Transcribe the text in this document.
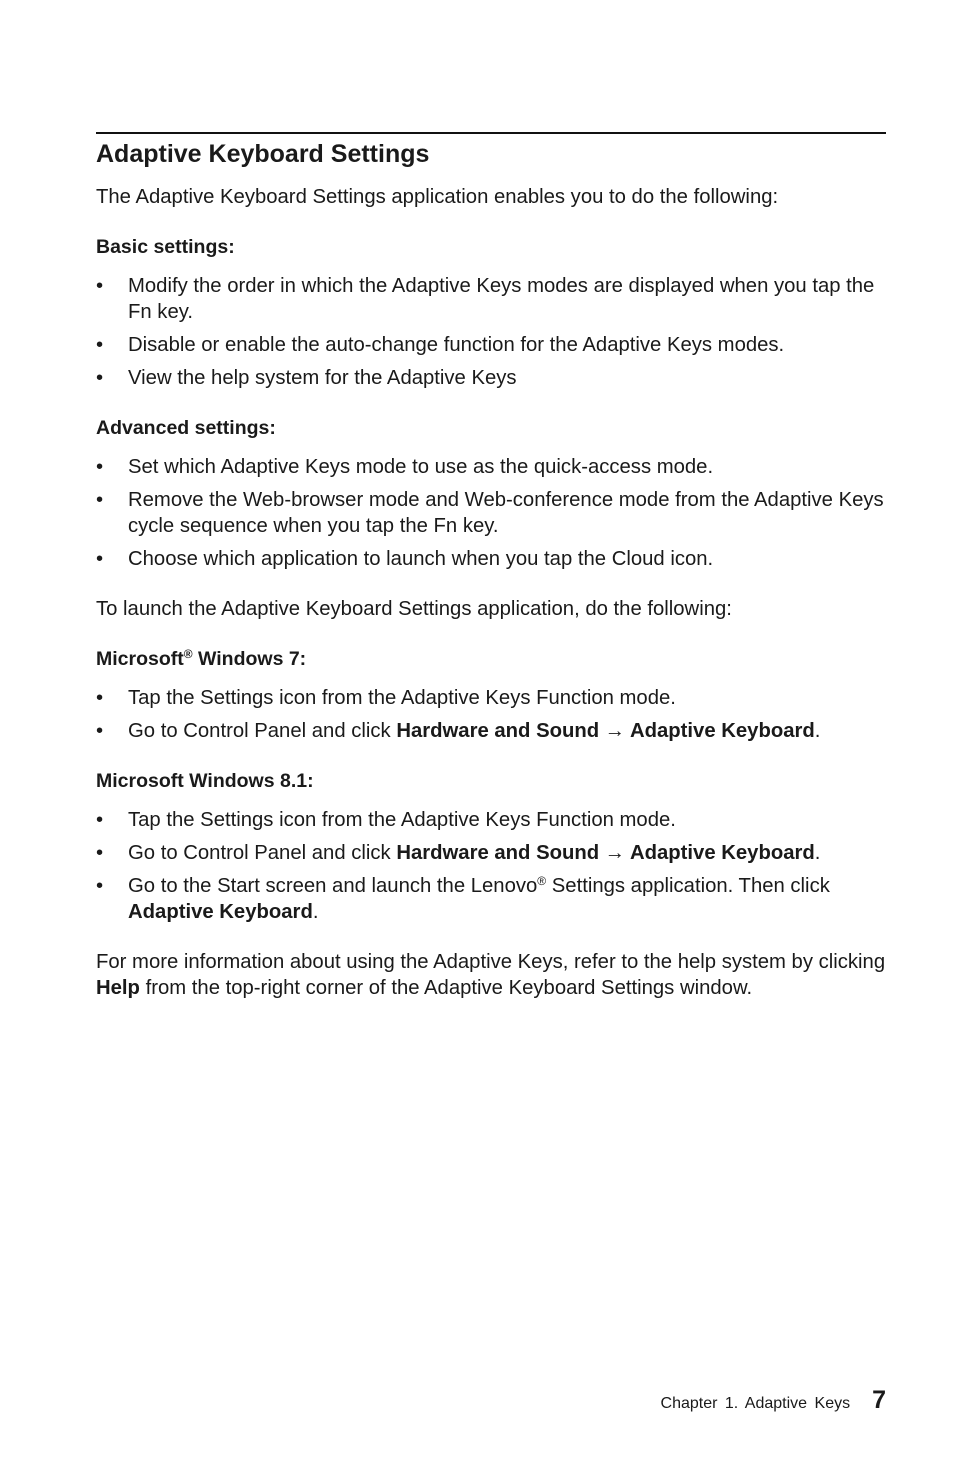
Adaptive Keyboard Settings

The Adaptive Keyboard Settings application enables you to do the following:

Basic settings:

• Modify the order in which the Adaptive Keys modes are displayed when you tap the Fn key.
• Disable or enable the auto-change function for the Adaptive Keys modes.
• View the help system for the Adaptive Keys

Advanced settings:

• Set which Adaptive Keys mode to use as the quick-access mode.
• Remove the Web-browser mode and Web-conference mode from the Adaptive Keys cycle sequence when you tap the Fn key.
• Choose which application to launch when you tap the Cloud icon.

To launch the Adaptive Keyboard Settings application, do the following:

Microsoft® Windows 7:

• Tap the Settings icon from the Adaptive Keys Function mode.
• Go to Control Panel and click Hardware and Sound → Adaptive Keyboard.

Microsoft Windows 8.1:

• Tap the Settings icon from the Adaptive Keys Function mode.
• Go to Control Panel and click Hardware and Sound → Adaptive Keyboard.
• Go to the Start screen and launch the Lenovo® Settings application. Then click Adaptive Keyboard.

For more information about using the Adaptive Keys, refer to the help system by clicking Help from the top-right corner of the Adaptive Keyboard Settings window.

Chapter 1. Adaptive Keys 7
